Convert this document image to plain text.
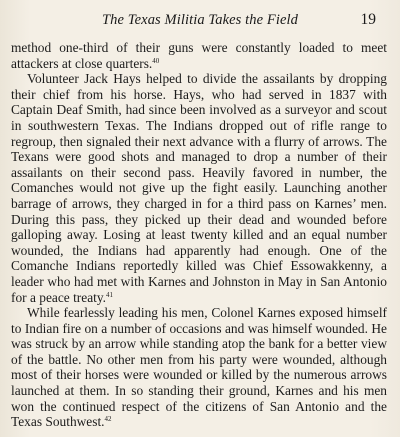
The Texas Militia Takes the Field	19

method one-third of their guns were constantly loaded to meet attackers at close quarters.$^{40}$

Volunteer Jack Hays helped to divide the assailants by dropping their chief from his horse. Hays, who had served in 1837 with Captain Deaf Smith, had since been involved as a surveyor and scout in southwestern Texas. The Indians dropped out of rifle range to regroup, then signaled their next advance with a flurry of arrows. The Texans were good shots and managed to drop a number of their assailants on their second pass. Heavily favored in number, the Comanches would not give up the fight easily. Launching another barrage of arrows, they charged in for a third pass on Karnes’ men. During this pass, they picked up their dead and wounded before galloping away. Losing at least twenty killed and an equal number wounded, the Indians had apparently had enough. One of the Comanche Indians reportedly killed was Chief Essowakkenny, a leader who had met with Karnes and Johnston in May in San Antonio for a peace treaty.$^{41}$

While fearlessly leading his men, Colonel Karnes exposed himself to Indian fire on a number of occasions and was himself wounded. He was struck by an arrow while standing atop the bank for a better view of the battle. No other men from his party were wounded, although most of their horses were wounded or killed by the numerous arrows launched at them. In so standing their ground, Karnes and his men won the continued respect of the citizens of San Antonio and the Texas Southwest.$^{42}$
